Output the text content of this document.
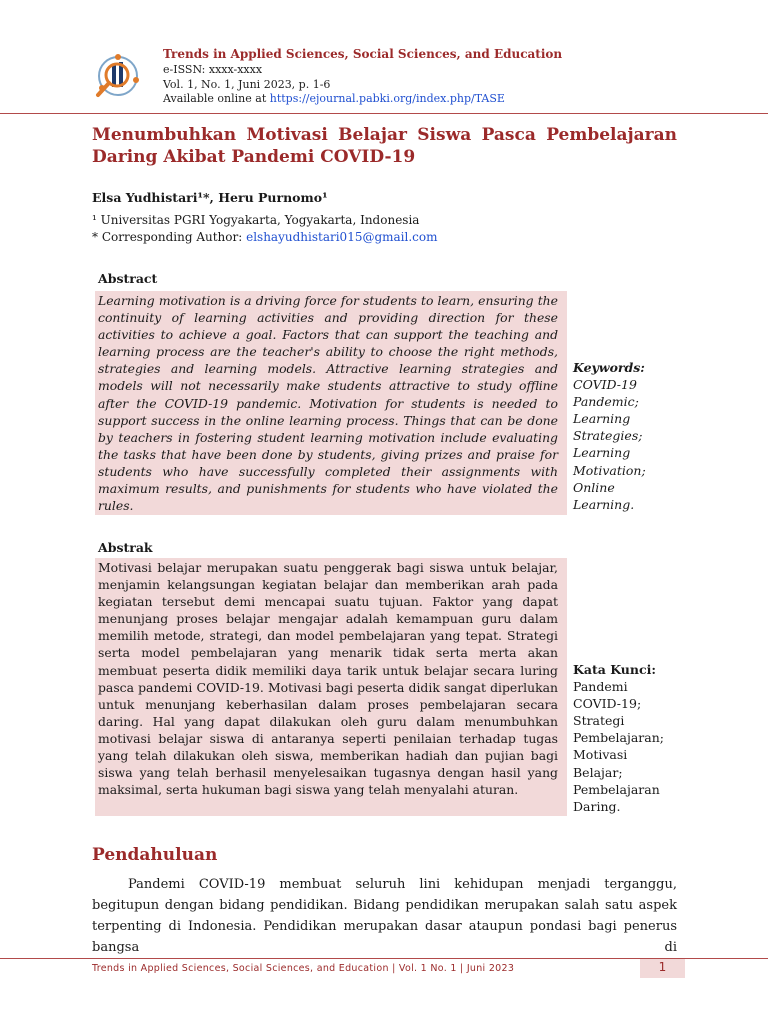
Trends in Applied Sciences, Social Sciences, and Education
e-ISSN: xxxx-xxxx
Vol. 1, No. 1, Juni 2023, p. 1-6
Available online at https://ejournal.pabki.org/index.php/TASE
Menumbuhkan Motivasi Belajar Siswa Pasca Pembelajaran Daring Akibat Pandemi COVID-19
Elsa Yudhistari¹*, Heru Purnomo¹
¹ Universitas PGRI Yogyakarta, Yogyakarta, Indonesia
* Corresponding Author: elshayudhistari015@gmail.com
Abstract
Learning motivation is a driving force for students to learn, ensuring the continuity of learning activities and providing direction for these activities to achieve a goal. Factors that can support the teaching and learning process are the teacher's ability to choose the right methods, strategies and learning models. Attractive learning strategies and models will not necessarily make students attractive to study offline after the COVID-19 pandemic. Motivation for students is needed to support success in the online learning process. Things that can be done by teachers in fostering student learning motivation include evaluating the tasks that have been done by students, giving prizes and praise for students who have successfully completed their assignments with maximum results, and punishments for students who have violated the rules.
Keywords:
COVID-19
Pandemic;
Learning
Strategies;
Learning
Motivation;
Online
Learning.
Abstrak
Motivasi belajar merupakan suatu penggerak bagi siswa untuk belajar, menjamin kelangsungan kegiatan belajar dan memberikan arah pada kegiatan tersebut demi mencapai suatu tujuan. Faktor yang dapat menunjang proses belajar mengajar adalah kemampuan guru dalam memilih metode, strategi, dan model pembelajaran yang tepat. Strategi serta model pembelajaran yang menarik tidak serta merta akan membuat peserta didik memiliki daya tarik untuk belajar secara luring pasca pandemi COVID-19. Motivasi bagi peserta didik sangat diperlukan untuk menunjang keberhasilan dalam proses pembelajaran secara daring. Hal yang dapat dilakukan oleh guru dalam menumbuhkan motivasi belajar siswa di antaranya seperti penilaian terhadap tugas yang telah dilakukan oleh siswa, memberikan hadiah dan pujian bagi siswa yang telah berhasil menyelesaikan tugasnya dengan hasil yang maksimal, serta hukuman bagi siswa yang telah menyalahi aturan.
Kata Kunci:
Pandemi
COVID-19;
Strategi
Pembelajaran;
Motivasi
Belajar;
Pembelajaran
Daring.
Pendahuluan
Pandemi COVID-19 membuat seluruh lini kehidupan menjadi terganggu, begitupun dengan bidang pendidikan. Bidang pendidikan merupakan salah satu aspek terpenting di Indonesia. Pendidikan merupakan dasar ataupun pondasi bagi penerus bangsa di
Trends in Applied Sciences, Social Sciences, and Education | Vol. 1 No. 1 | Juni 2023	1
